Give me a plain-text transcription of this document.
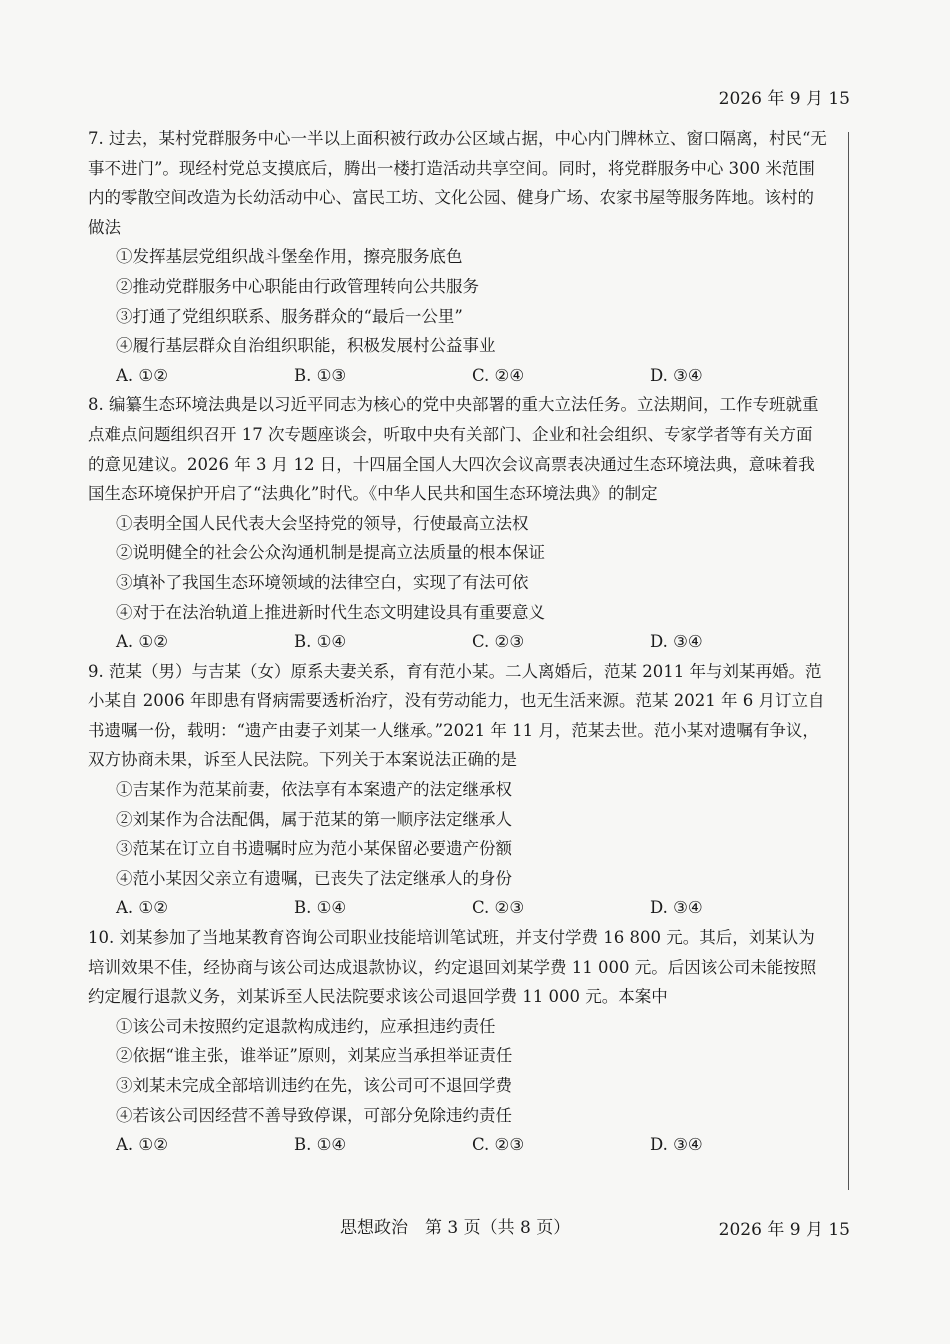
2026 年 9 月 15

7. 过去，某村党群服务中心一半以上面积被行政办公区域占据，中心内门牌林立、窗口隔离，村民“无事不进门”。现经村党总支摸底后，腾出一楼打造活动共享空间。同时，将党群服务中心 300 米范围内的零散空间改造为长幼活动中心、富民工坊、文化公园、健身广场、农家书屋等服务阵地。该村的做法

①发挥基层党组织战斗堡垒作用，擦亮服务底色
②推动党群服务中心职能由行政管理转向公共服务
③打通了党组织联系、服务群众的“最后一公里”
④履行基层群众自治组织职能，积极发展村公益事业
A. ①②	B. ①③	C. ②④	D. ③④

8. 编纂生态环境法典是以习近平同志为核心的党中央部署的重大立法任务。立法期间，工作专班就重点难点问题组织召开 17 次专题座谈会，听取中央有关部门、企业和社会组织、专家学者等有关方面的意见建议。2026 年 3 月 12 日，十四届全国人大四次会议高票表决通过生态环境法典，意味着我国生态环境保护开启了“法典化”时代。《中华人民共和国生态环境法典》的制定

①表明全国人民代表大会坚持党的领导，行使最高立法权
②说明健全的社会公众沟通机制是提高立法质量的根本保证
③填补了我国生态环境领域的法律空白，实现了有法可依
④对于在法治轨道上推进新时代生态文明建设具有重要意义
A. ①②	B. ①④	C. ②③	D. ③④

9. 范某（男）与吉某（女）原系夫妻关系，育有范小某。二人离婚后，范某 2011 年与刘某再婚。范小某自 2006 年即患有肾病需要透析治疗，没有劳动能力，也无生活来源。范某 2021 年 6 月订立自书遗嘱一份，载明：“遗产由妻子刘某一人继承。”2021 年 11 月，范某去世。范小某对遗嘱有争议，双方协商未果，诉至人民法院。下列关于本案说法正确的是

①吉某作为范某前妻，依法享有本案遗产的法定继承权
②刘某作为合法配偶，属于范某的第一顺序法定继承人
③范某在订立自书遗嘱时应为范小某保留必要遗产份额
④范小某因父亲立有遗嘱，已丧失了法定继承人的身份
A. ①②	B. ①④	C. ②③	D. ③④

10. 刘某参加了当地某教育咨询公司职业技能培训笔试班，并支付学费 16 800 元。其后，刘某认为培训效果不佳，经协商与该公司达成退款协议，约定退回刘某学费 11 000 元。后因该公司未能按照约定履行退款义务，刘某诉至人民法院要求该公司退回学费 11 000 元。本案中

①该公司未按照约定退款构成违约，应承担违约责任
②依据“谁主张，谁举证”原则，刘某应当承担举证责任
③刘某未完成全部培训违约在先，该公司可不退回学费
④若该公司因经营不善导致停课，可部分免除违约责任
A. ①②	B. ①④	C. ②③	D. ③④
思想政治　第 3 页（共 8 页）	2026 年 9 月 15
